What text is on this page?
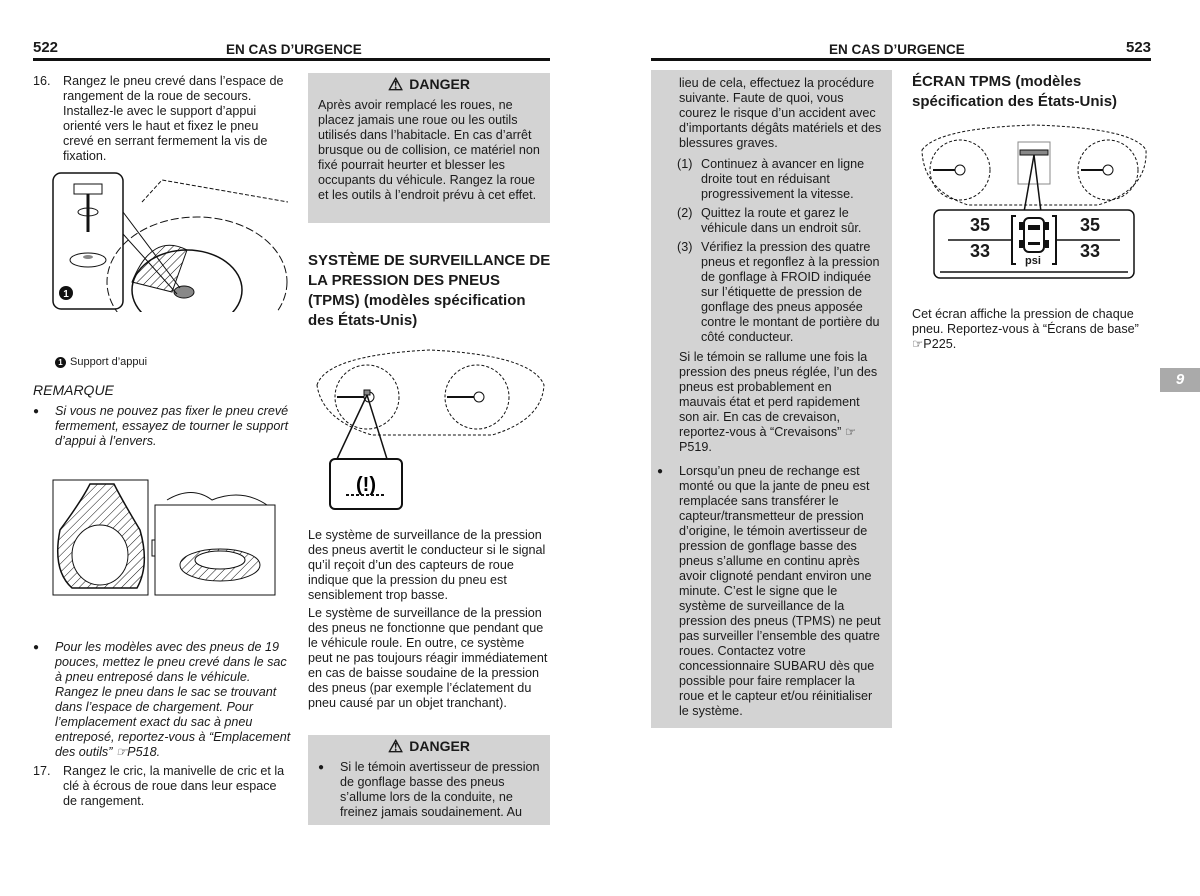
522	EN CAS D’URGENCE	EN CAS D’URGENCE	523
16. Rangez le pneu crevé dans l’espace de rangement de la roue de secours. Installez-le avec le support d’appui orienté vers le haut et fixez le pneu crevé en serrant fermement la vis de fixation.

1
1 Support d’appui
REMARQUE
●	Si vous ne pouvez pas fixer le pneu crevé fermement, essayez de tourner le support d’appui à l’envers.

●	Pour les modèles avec des pneus de 19 pouces, mettez le pneu crevé dans le sac à pneu entreposé dans le véhicule. Rangez le pneu dans le sac se trouvant dans l’espace de chargement. Pour l’emplacement exact du sac à pneu entreposé, reportez-vous à “Emplacement des outils” ☞P518.

17. Rangez le cric, la manivelle de cric et la clé à écrous de roue dans leur espace de rangement.

⚠ DANGER

Après avoir remplacé les roues, ne placez jamais une roue ou les outils utilisés dans l’habitacle. En cas d’arrêt brusque ou de collision, ce matériel non fixé pourrait heurter et blesser les occupants du véhicule. Rangez la roue et les outils à l’endroit prévu à cet effet.

SYSTÈME DE SURVEILLANCE DE LA PRESSION DES PNEUS (TPMS) (modèles spécification des États-Unis)
(!)
Le système de surveillance de la pression des pneus avertit le conducteur si le signal qu’il reçoit d’un des capteurs de roue indique que la pression du pneu est sensiblement trop basse.
Le système de surveillance de la pression des pneus ne fonctionne que pendant que le véhicule roule. En outre, ce système peut ne pas toujours réagir immédiatement en cas de baisse soudaine de la pression des pneus (par exemple l’éclatement du pneu causé par un objet tranchant).
⚠ DANGER
●	Si le témoin avertisseur de pression de gonflage basse des pneus s’allume lors de la conduite, ne freinez jamais soudainement. Au

lieu de cela, effectuez la procédure suivante. Faute de quoi, vous courez le risque d’un accident avec d’importants dégâts matériels et des blessures graves.

(1) Continuez à avancer en ligne droite tout en réduisant progressivement la vitesse.

(2) Quittez la route et garez le véhicule dans un endroit sûr.

(3) Vérifiez la pression des quatre pneus et regonflez à la pression de gonflage à FROID indiquée sur l’étiquette de pression de gonflage des pneus apposée contre le montant de portière du côté conducteur.

Si le témoin se rallume une fois la pression des pneus réglée, l’un des pneus est probablement en mauvais état et perd rapidement son air. En cas de crevaison, reportez-vous à “Crevaisons” ☞P519.

●	Lorsqu’un pneu de rechange est monté ou que la jante de pneu est remplacée sans transférer le capteur/transmetteur de pression d’origine, le témoin avertisseur de pression de gonflage basse des pneus s’allume en continu après avoir clignoté pendant environ une minute. C’est le signe que le système de surveillance de la pression des pneus (TPMS) ne peut pas surveiller l’ensemble des quatre roues. Contactez votre concessionnaire SUBARU dès que possible pour faire remplacer la roue et le capteur et/ou réinitialiser le système.

ÉCRAN TPMS (modèles spécification des États-Unis)
35
33
35
33
psi
Cet écran affiche la pression de chaque pneu. Reportez-vous à “Écrans de base” ☞P225.
9
